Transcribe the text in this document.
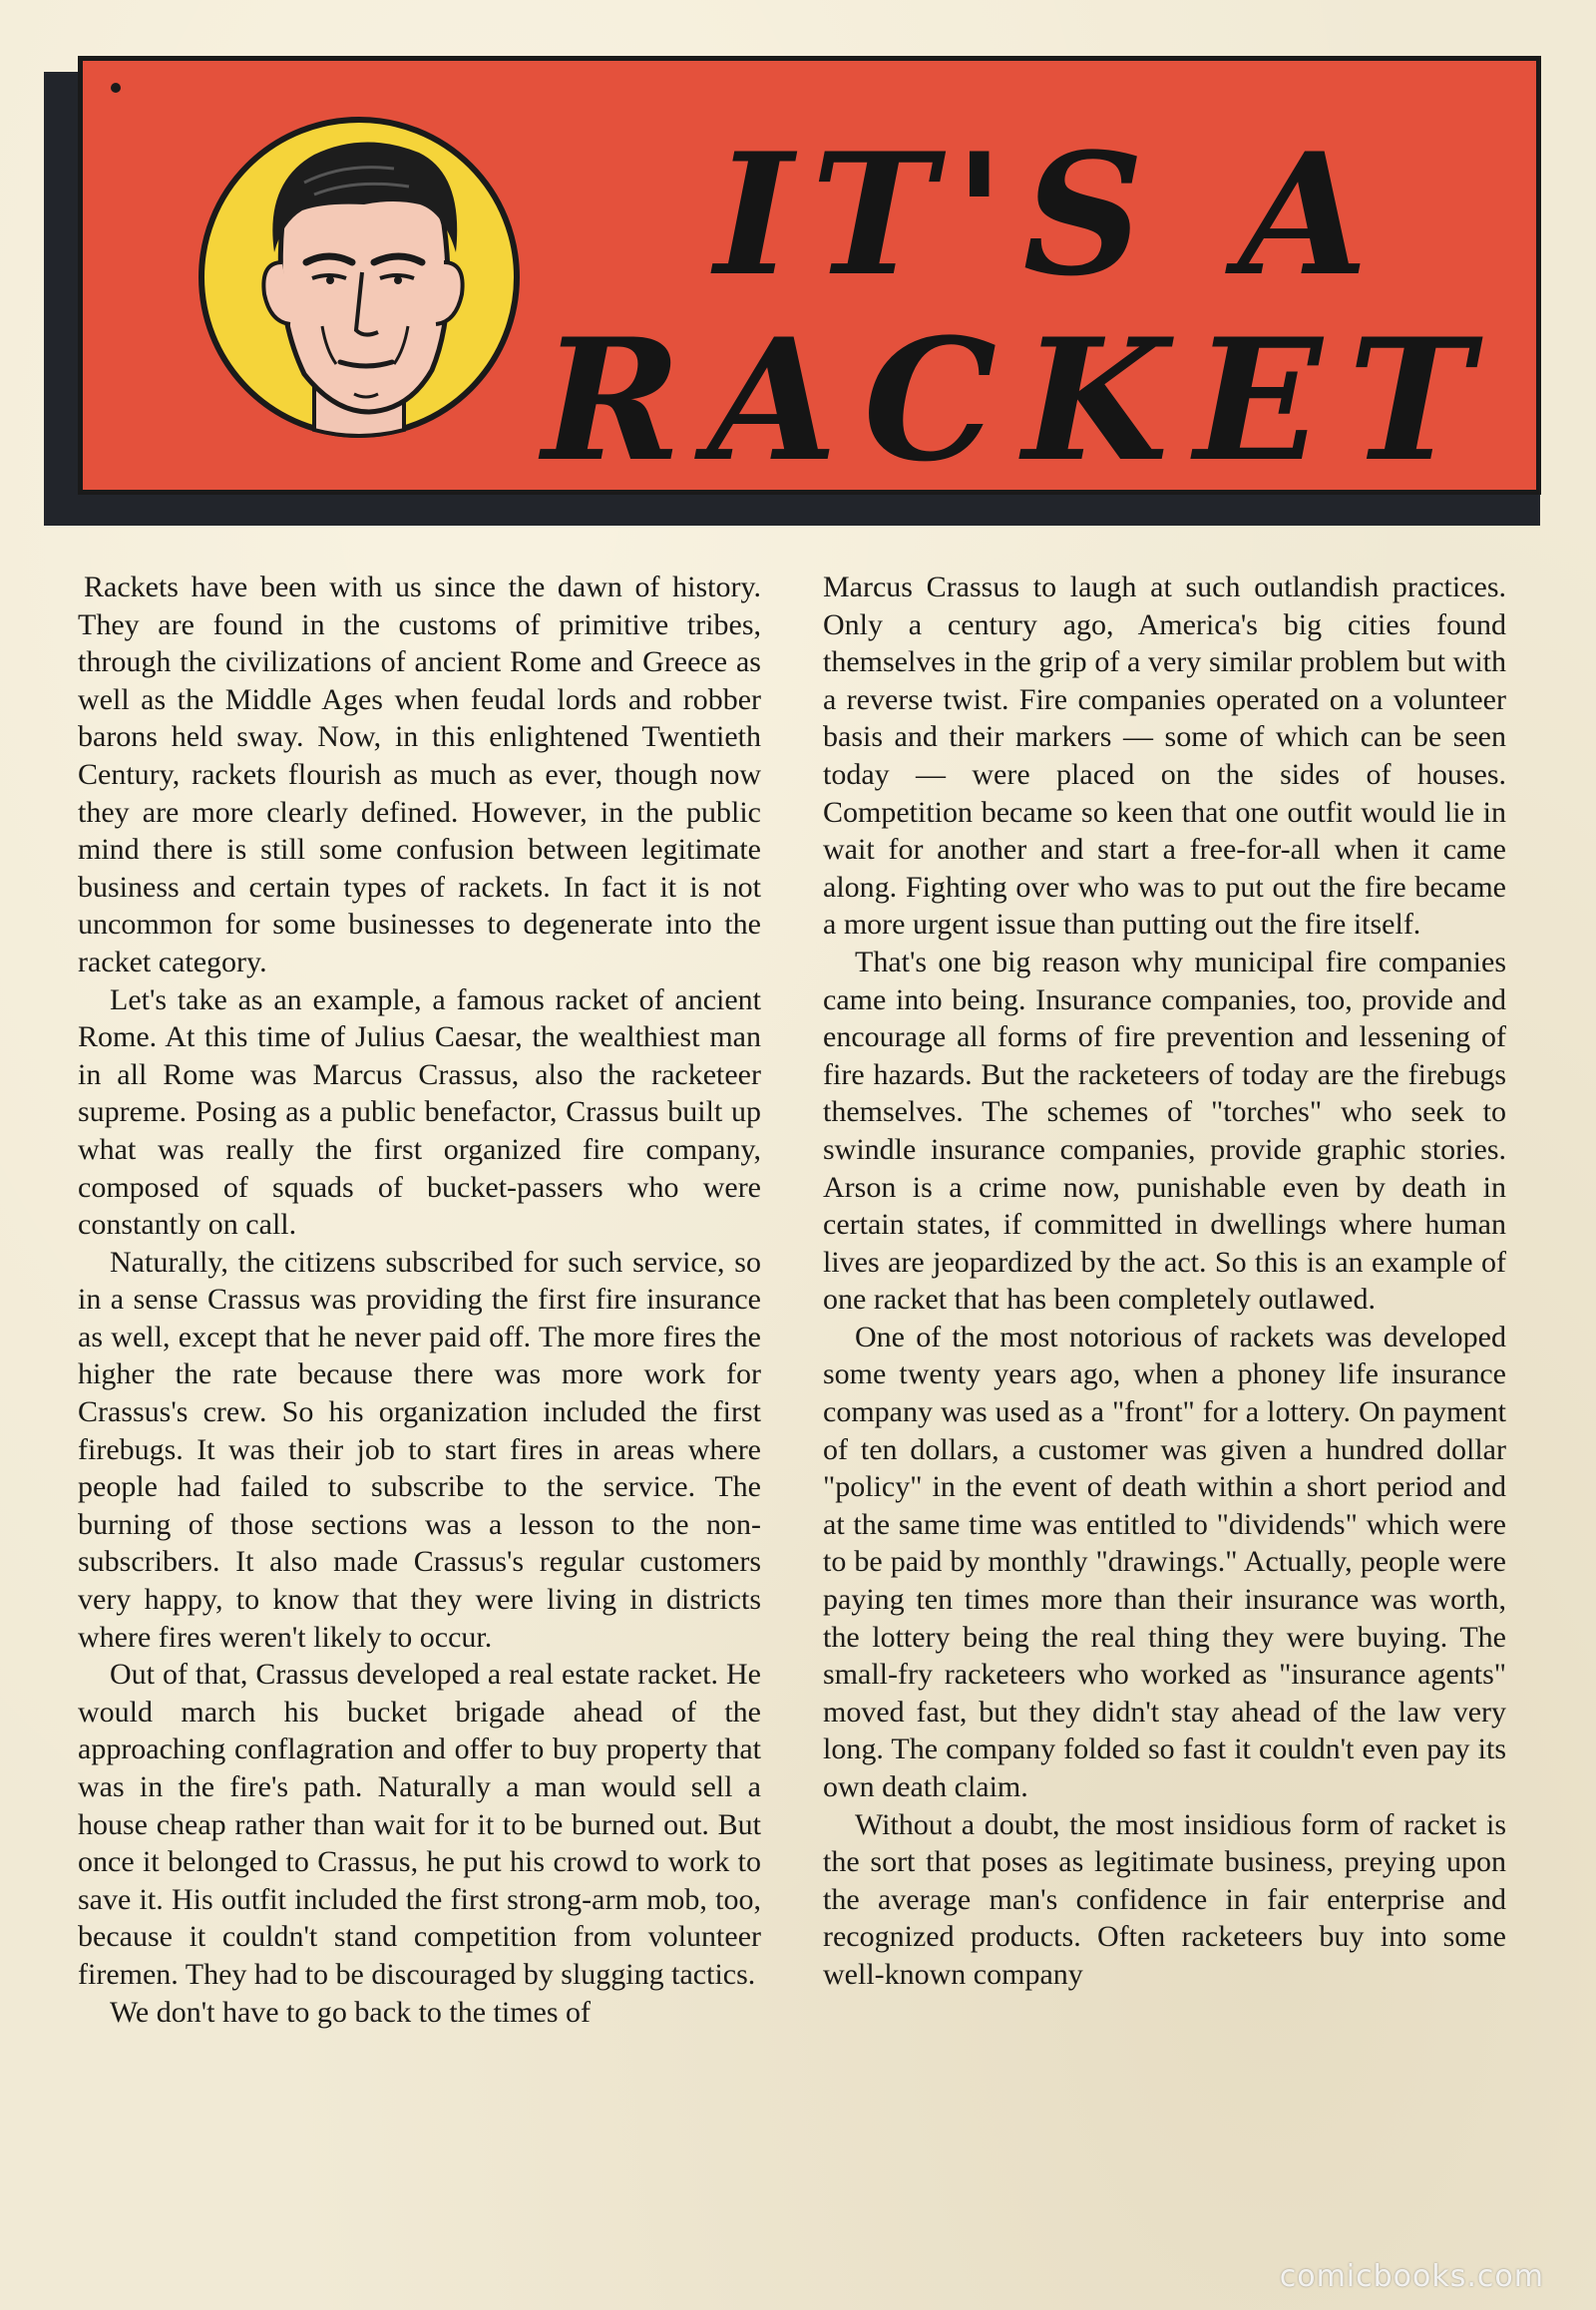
IT'S A
RACKET

Rackets have been with us since the dawn of history. They are found in the customs of primitive tribes, through the civilizations of ancient Rome and Greece as well as the Middle Ages when feudal lords and robber barons held sway. Now, in this enlightened Twentieth Century, rackets flourish as much as ever, though now they are more clearly defined. However, in the public mind there is still some confusion between legitimate business and certain types of rackets. In fact it is not uncommon for some businesses to degenerate into the racket category.

Let's take as an example, a famous racket of ancient Rome. At this time of Julius Caesar, the wealthiest man in all Rome was Marcus Crassus, also the racketeer supreme. Posing as a public benefactor, Crassus built up what was really the first organized fire company, composed of squads of bucket-passers who were constantly on call.

Naturally, the citizens subscribed for such service, so in a sense Crassus was providing the first fire insurance as well, except that he never paid off. The more fires the higher the rate because there was more work for Crassus's crew. So his organization included the first firebugs. It was their job to start fires in areas where people had failed to subscribe to the service. The burning of those sections was a lesson to the non-subscribers. It also made Crassus's regular customers very happy, to know that they were living in districts where fires weren't likely to occur.

Out of that, Crassus developed a real estate racket. He would march his bucket brigade ahead of the approaching conflagration and offer to buy property that was in the fire's path. Naturally a man would sell a house cheap rather than wait for it to be burned out. But once it belonged to Crassus, he put his crowd to work to save it. His outfit included the first strong-arm mob, too, because it couldn't stand competition from volunteer firemen. They had to be discouraged by slugging tactics.

We don't have to go back to the times of

Marcus Crassus to laugh at such outlandish practices. Only a century ago, America's big cities found themselves in the grip of a very similar problem but with a reverse twist. Fire companies operated on a volunteer basis and their markers — some of which can be seen today — were placed on the sides of houses. Competition became so keen that one outfit would lie in wait for another and start a free-for-all when it came along. Fighting over who was to put out the fire became a more urgent issue than putting out the fire itself.

That's one big reason why municipal fire companies came into being. Insurance companies, too, provide and encourage all forms of fire prevention and lessening of fire hazards. But the racketeers of today are the firebugs themselves. The schemes of "torches" who seek to swindle insurance companies, provide graphic stories. Arson is a crime now, punishable even by death in certain states, if committed in dwellings where human lives are jeopardized by the act. So this is an example of one racket that has been completely outlawed.

One of the most notorious of rackets was developed some twenty years ago, when a phoney life insurance company was used as a "front" for a lottery. On payment of ten dollars, a customer was given a hundred dollar "policy" in the event of death within a short period and at the same time was entitled to "dividends" which were to be paid by monthly "drawings." Actually, people were paying ten times more than their insurance was worth, the lottery being the real thing they were buying. The small-fry racketeers who worked as "insurance agents" moved fast, but they didn't stay ahead of the law very long. The company folded so fast it couldn't even pay its own death claim.

Without a doubt, the most insidious form of racket is the sort that poses as legitimate business, preying upon the average man's confidence in fair enterprise and recognized products. Often racketeers buy into some well-known company

comicbooks.com
